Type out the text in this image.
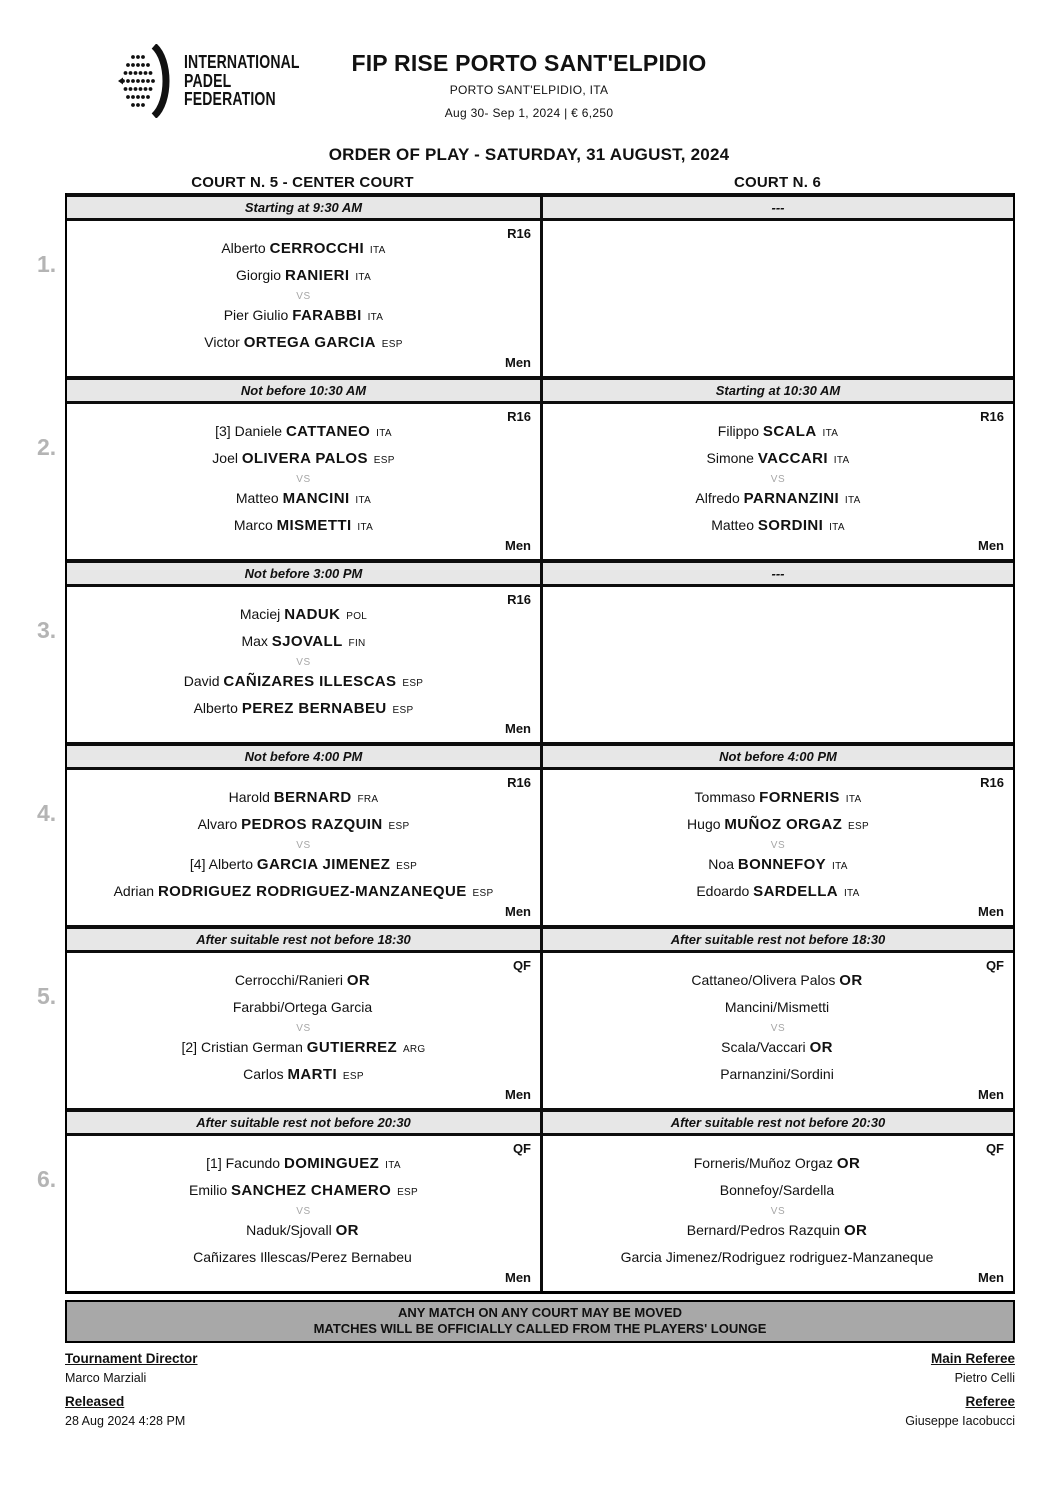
INTERNATIONAL
PADEL
FEDERATION
FIP RISE PORTO SANT'ELPIDIO
PORTO SANT'ELPIDIO, ITA
Aug 30- Sep 1, 2024 | € 6,250
ORDER OF PLAY - SATURDAY, 31 AUGUST, 2024
COURT N. 5 - CENTER COURT	COURT N. 6
Starting at 9:30 AM	---
1.
R16
Alberto CERROCCHI ITA
Giorgio RANIERI ITA
VS
Pier Giulio FARABBI ITA
Victor ORTEGA GARCIA ESP
Men
Not before 10:30 AM	Starting at 10:30 AM
2.
R16
[3] Daniele CATTANEO ITA
Joel OLIVERA PALOS ESP
VS
Matteo MANCINI ITA
Marco MISMETTI ITA
Men
R16
Filippo SCALA ITA
Simone VACCARI ITA
VS
Alfredo PARNANZINI ITA
Matteo SORDINI ITA
Men
Not before 3:00 PM	---
3.
R16
Maciej NADUK POL
Max SJOVALL FIN
VS
David CAÑIZARES ILLESCAS ESP
Alberto PEREZ BERNABEU ESP
Men
Not before 4:00 PM	Not before 4:00 PM
4.
R16
Harold BERNARD FRA
Alvaro PEDROS RAZQUIN ESP
VS
[4] Alberto GARCIA JIMENEZ ESP
Adrian RODRIGUEZ RODRIGUEZ-MANZANEQUE ESP
Men
R16
Tommaso FORNERIS ITA
Hugo MUÑOZ ORGAZ ESP
VS
Noa BONNEFOY ITA
Edoardo SARDELLA ITA
Men
After suitable rest not before 18:30	After suitable rest not before 18:30
5.
QF
Cerrocchi/Ranieri OR
Farabbi/Ortega Garcia
VS
[2] Cristian German GUTIERREZ ARG
Carlos MARTI ESP
Men
QF
Cattaneo/Olivera Palos OR
Mancini/Mismetti
VS
Scala/Vaccari OR
Parnanzini/Sordini
Men
After suitable rest not before 20:30	After suitable rest not before 20:30
6.
QF
[1] Facundo DOMINGUEZ ITA
Emilio SANCHEZ CHAMERO ESP
VS
Naduk/Sjovall OR
Cañizares Illescas/Perez Bernabeu
Men
QF
Forneris/Muñoz Orgaz OR
Bonnefoy/Sardella
VS
Bernard/Pedros Razquin OR
Garcia Jimenez/Rodriguez rodriguez-Manzaneque
Men
ANY MATCH ON ANY COURT MAY BE MOVED
MATCHES WILL BE OFFICIALLY CALLED FROM THE PLAYERS' LOUNGE
Tournament Director
Marco Marziali
Released
28 Aug 2024 4:28 PM
Main Referee
Pietro Celli
Referee
Giuseppe Iacobucci
